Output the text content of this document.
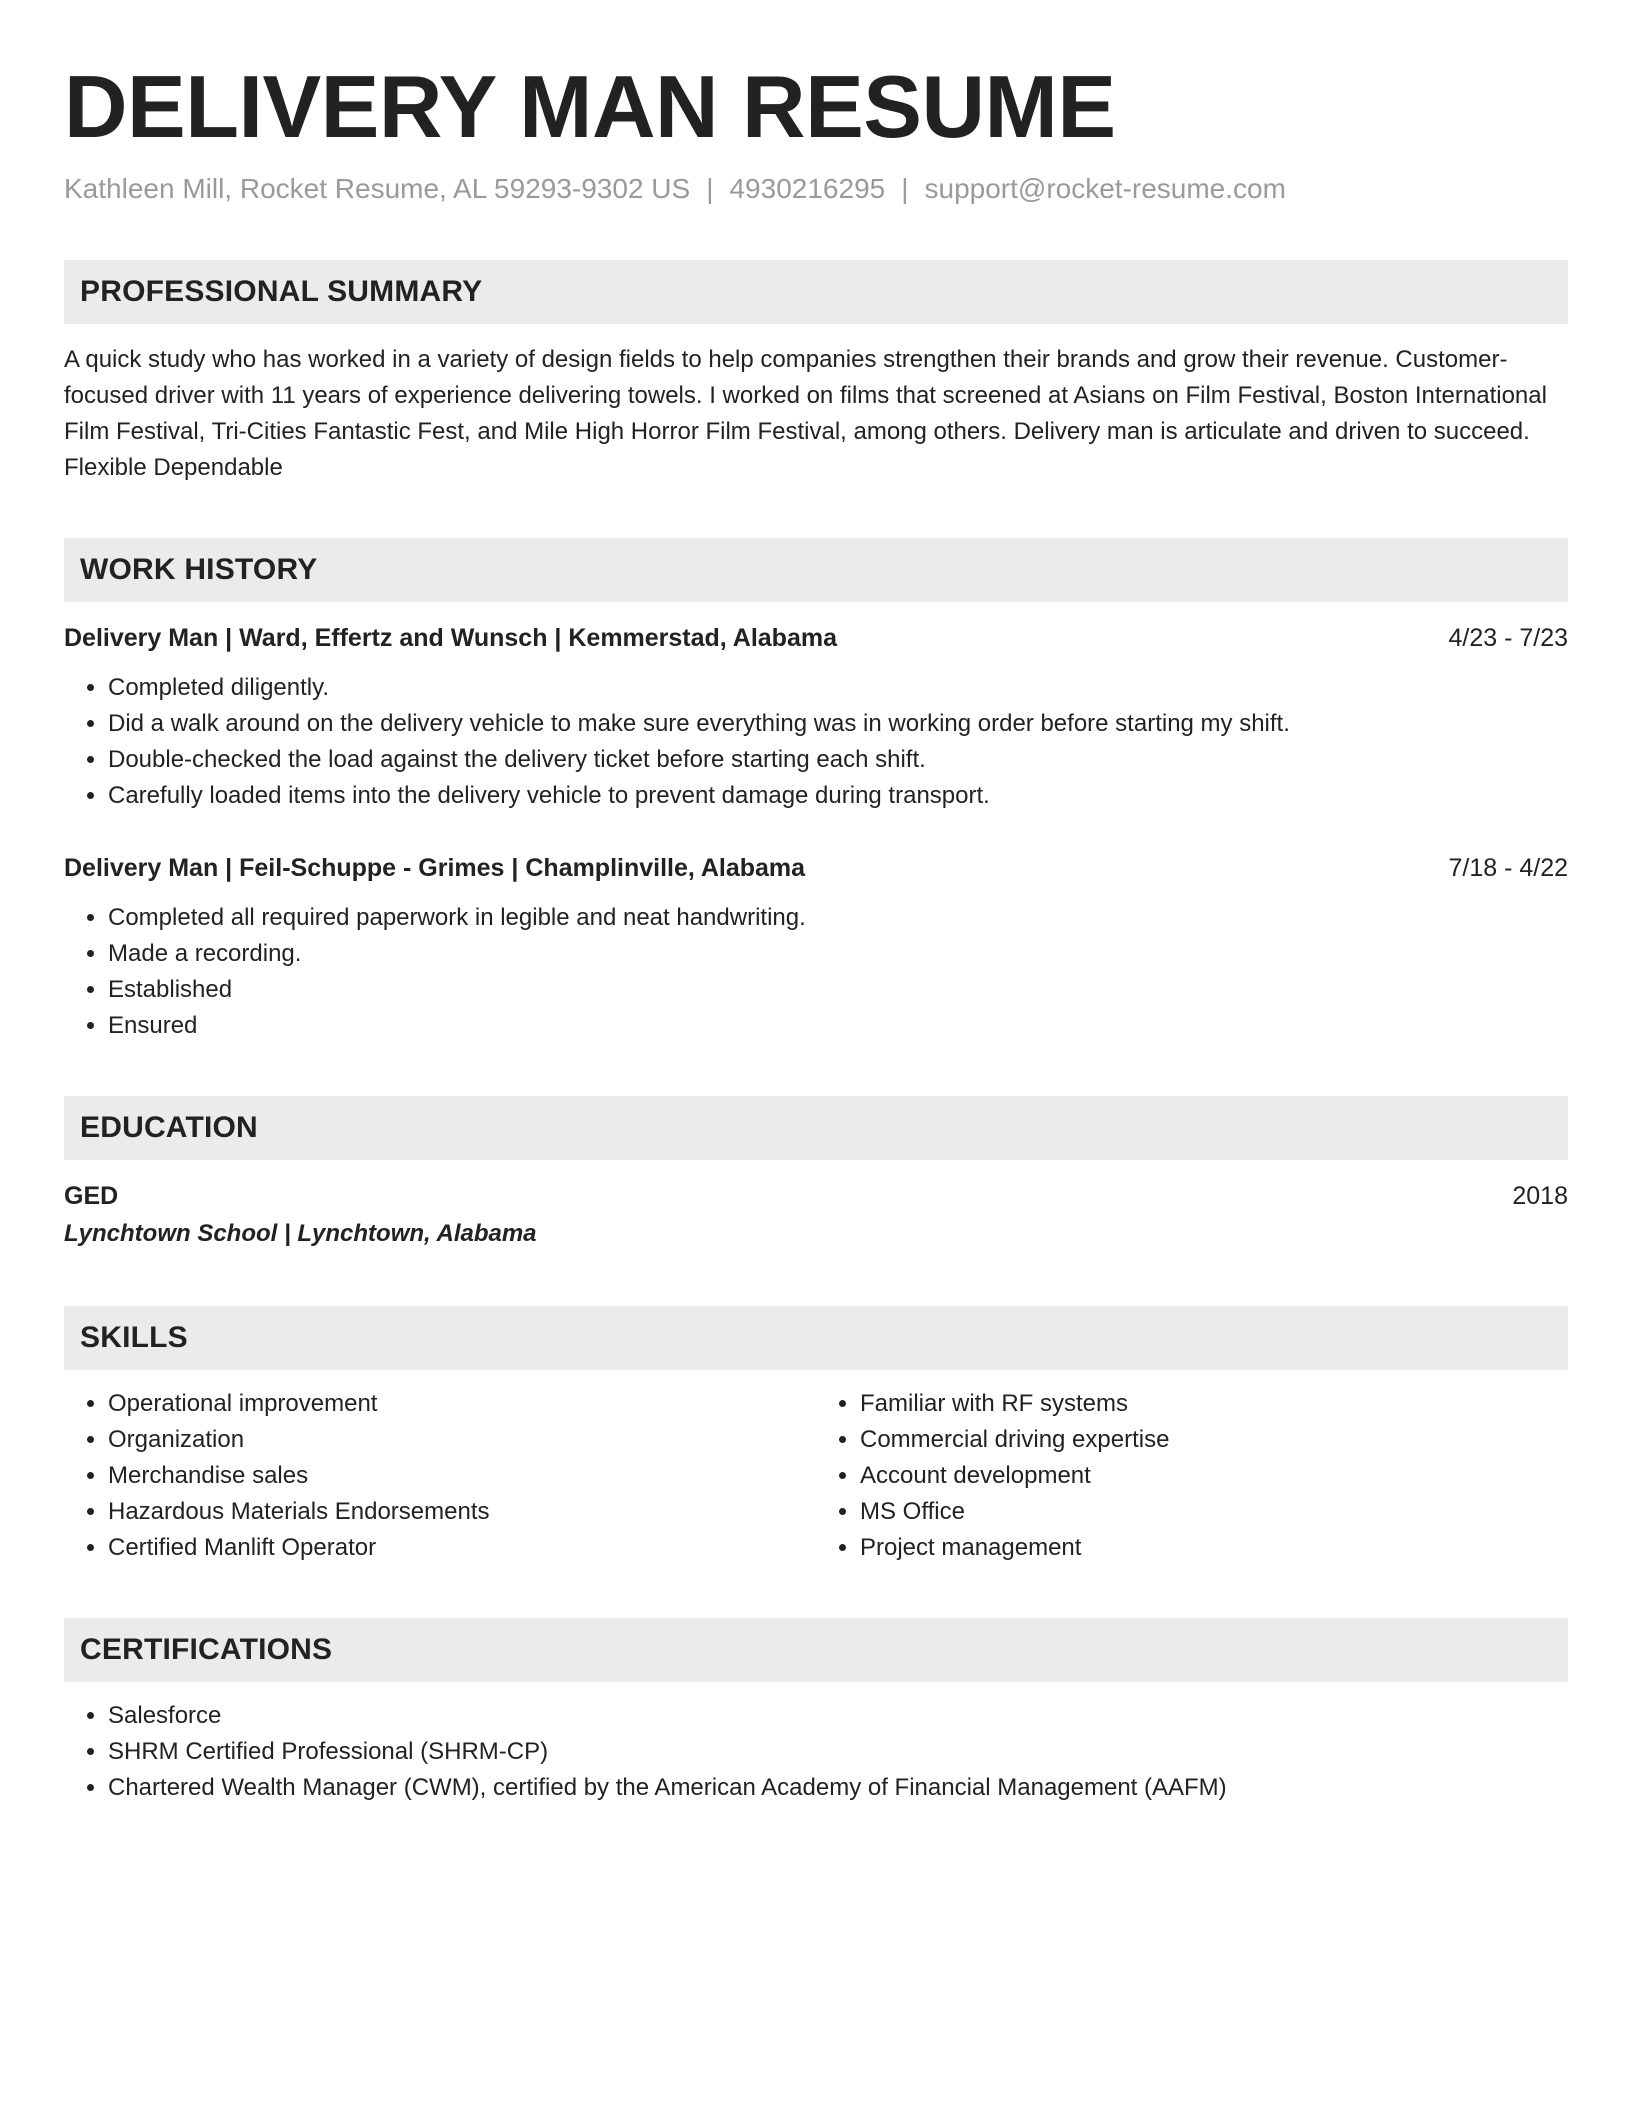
DELIVERY MAN RESUME
Kathleen Mill, Rocket Resume, AL 59293-9302 US | 4930216295 | support@rocket-resume.com
PROFESSIONAL SUMMARY

A quick study who has worked in a variety of design fields to help companies strengthen their brands and grow their revenue. Customer-focused driver with 11 years of experience delivering towels. I worked on films that screened at Asians on Film Festival, Boston International Film Festival, Tri-Cities Fantastic Fest, and Mile High Horror Film Festival, among others. Delivery man is articulate and driven to succeed. Flexible Dependable

WORK HISTORY
Delivery Man | Ward, Effertz and Wunsch | Kemmerstad, Alabama	4/23 - 7/23
• Completed diligently.
• Did a walk around on the delivery vehicle to make sure everything was in working order before starting my shift.
• Double-checked the load against the delivery ticket before starting each shift.
• Carefully loaded items into the delivery vehicle to prevent damage during transport.
Delivery Man | Feil-Schuppe - Grimes | Champlinville, Alabama	7/18 - 4/22
• Completed all required paperwork in legible and neat handwriting.
• Made a recording.
• Established
• Ensured
EDUCATION
GED	2018
Lynchtown School | Lynchtown, Alabama
SKILLS
• Operational improvement
• Organization
• Merchandise sales
• Hazardous Materials Endorsements
• Certified Manlift Operator
• Familiar with RF systems
• Commercial driving expertise
• Account development
• MS Office
• Project management
CERTIFICATIONS
• Salesforce
• SHRM Certified Professional (SHRM-CP)
• Chartered Wealth Manager (CWM), certified by the American Academy of Financial Management (AAFM)
